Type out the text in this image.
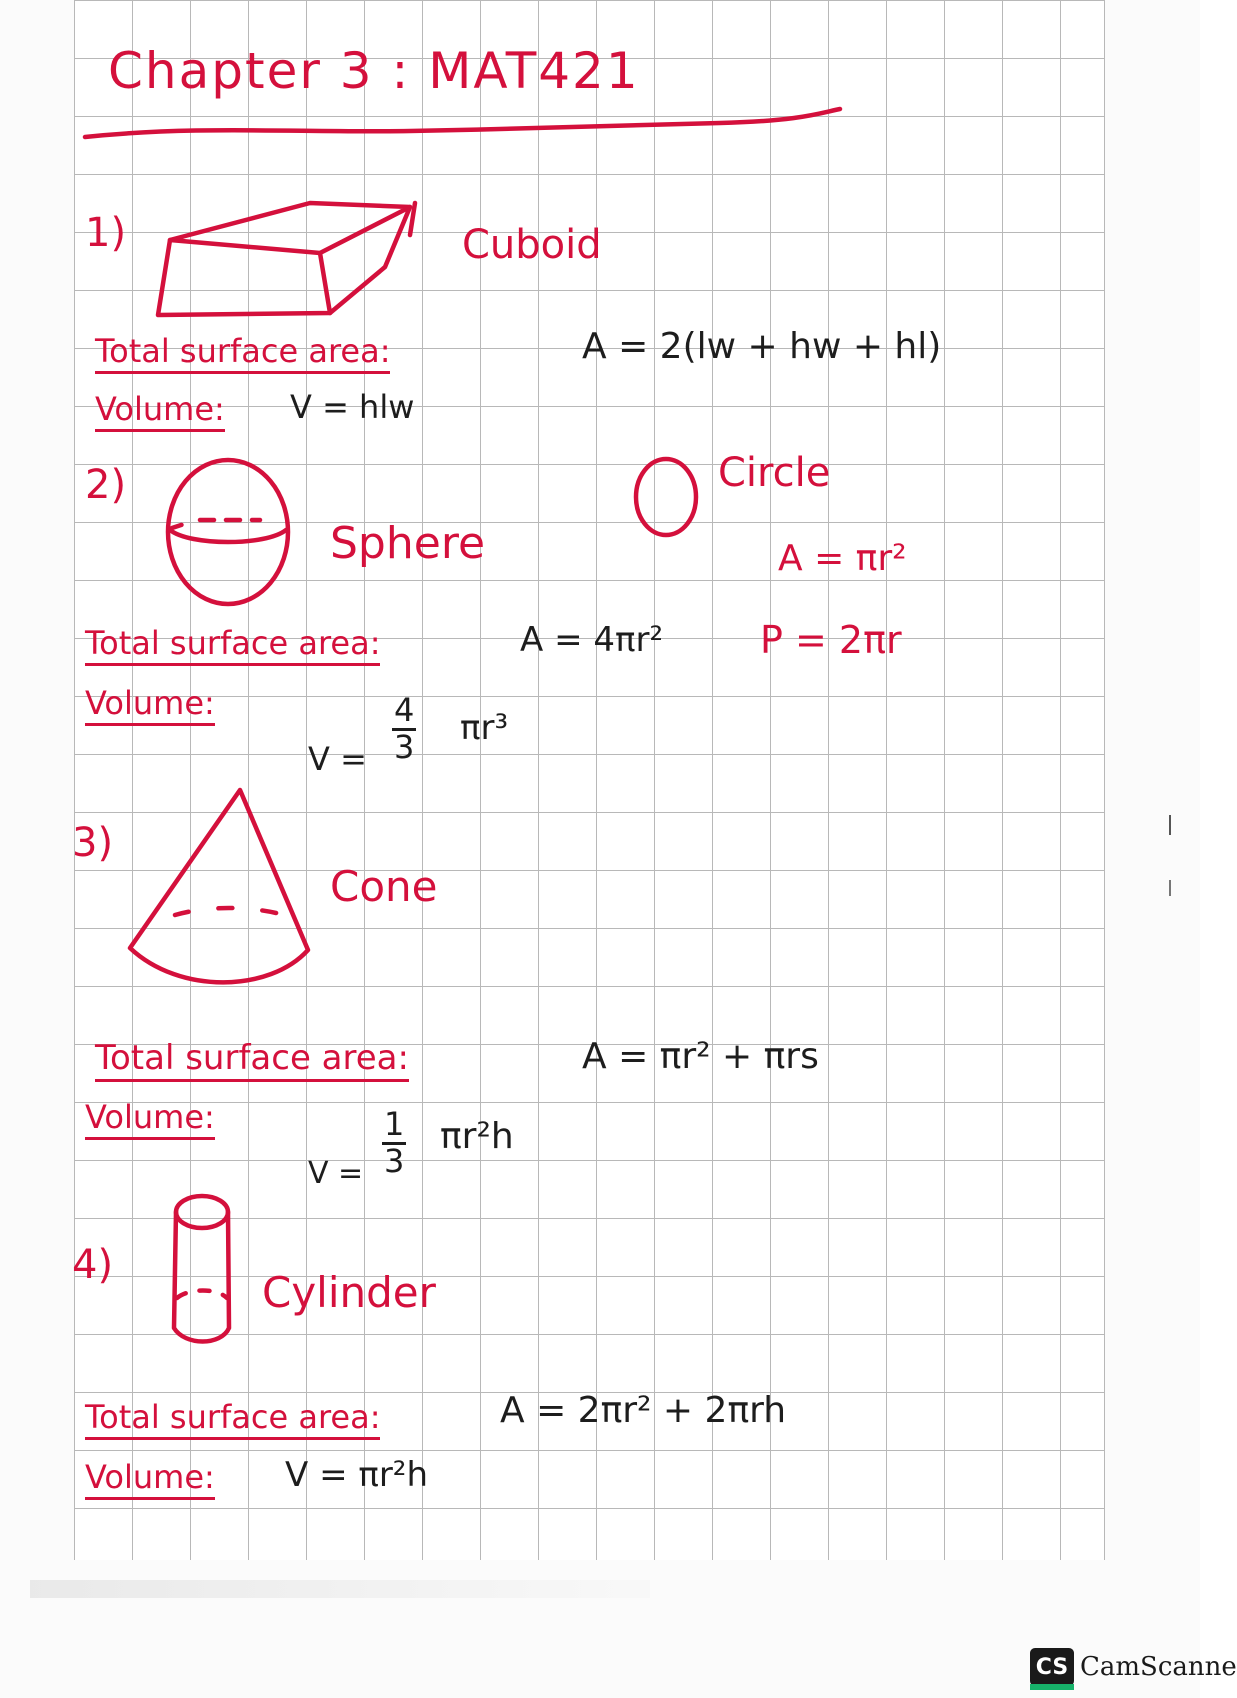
Chapter 3 : MAT421
1)	Cuboid
Total surface area:	A = 2(lw + hw + hl)
Volume: V = hlw
2)
Sphere
Circle
A = πr²
P = 2πr
Total surface area:	A = 4πr²
Volume:
$V = \frac{4}{3} \pi r^3$
3)
Cone
Total surface area:	A = πr² + πrs
Volume:
$V = \frac{1}{3} \pi r^2h$
4)
Cylinder
Total surface area:	A = 2πr² + 2πrh
Volume: V = πr²h
CS CamScanne
